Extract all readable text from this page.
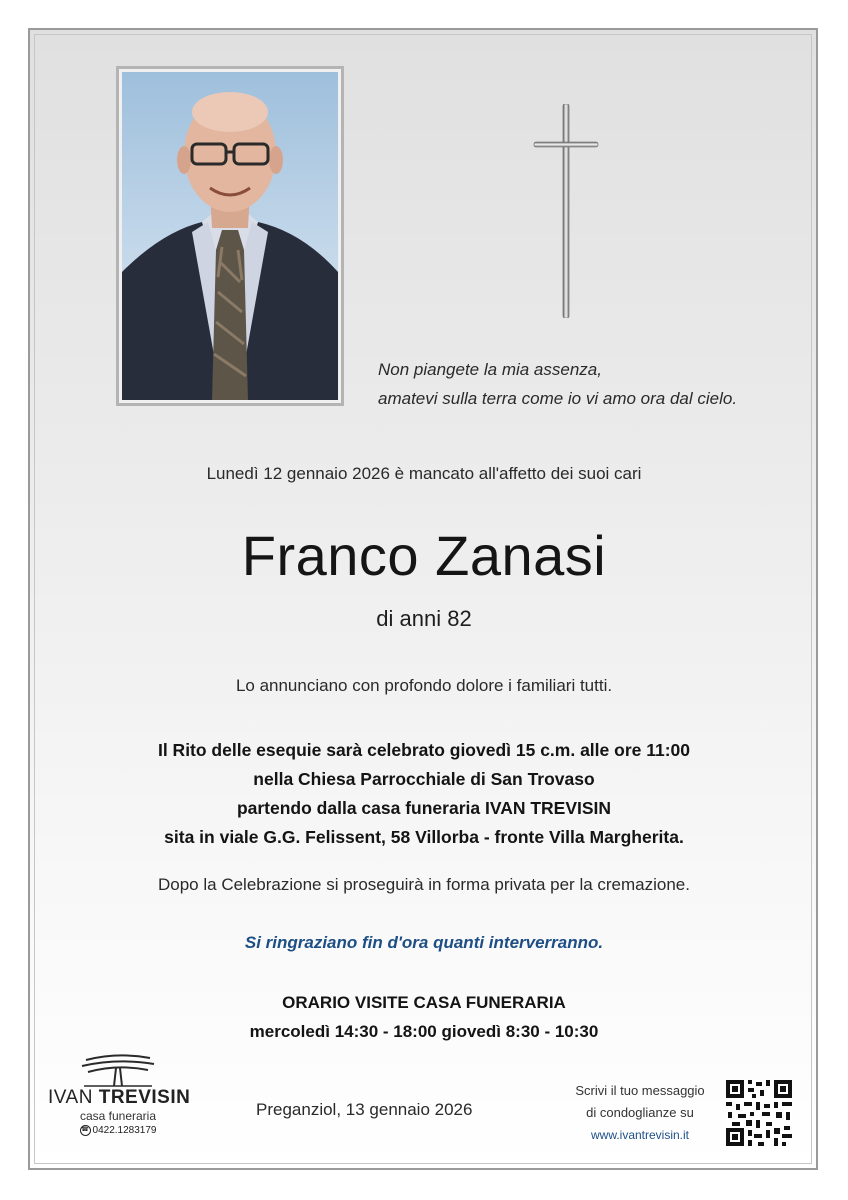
Non piangete la mia assenza,
amatevi sulla terra come io vi amo ora dal cielo.
Lunedì 12 gennaio 2026 è mancato all'affetto dei suoi cari
Franco Zanasi
di anni 82
Lo annunciano con profondo dolore i familiari tutti.
Il Rito delle esequie sarà celebrato giovedì 15 c.m. alle ore 11:00
nella Chiesa Parrocchiale di San Trovaso
partendo dalla casa funeraria IVAN TREVISIN
sita in viale G.G. Felissent, 58 Villorba - fronte Villa Margherita.
Dopo la Celebrazione si proseguirà in forma privata per la cremazione.
Si ringraziano fin d'ora quanti interverranno.
ORARIO VISITE CASA FUNERARIA
mercoledì 14:30 - 18:00 giovedì 8:30 - 10:30
IVAN TREVISIN
casa funeraria
☎ 0422.1283179
Preganziol, 13 gennaio 2026
Scrivi il tuo messaggio
di condoglianze su
www.ivantrevisin.it
